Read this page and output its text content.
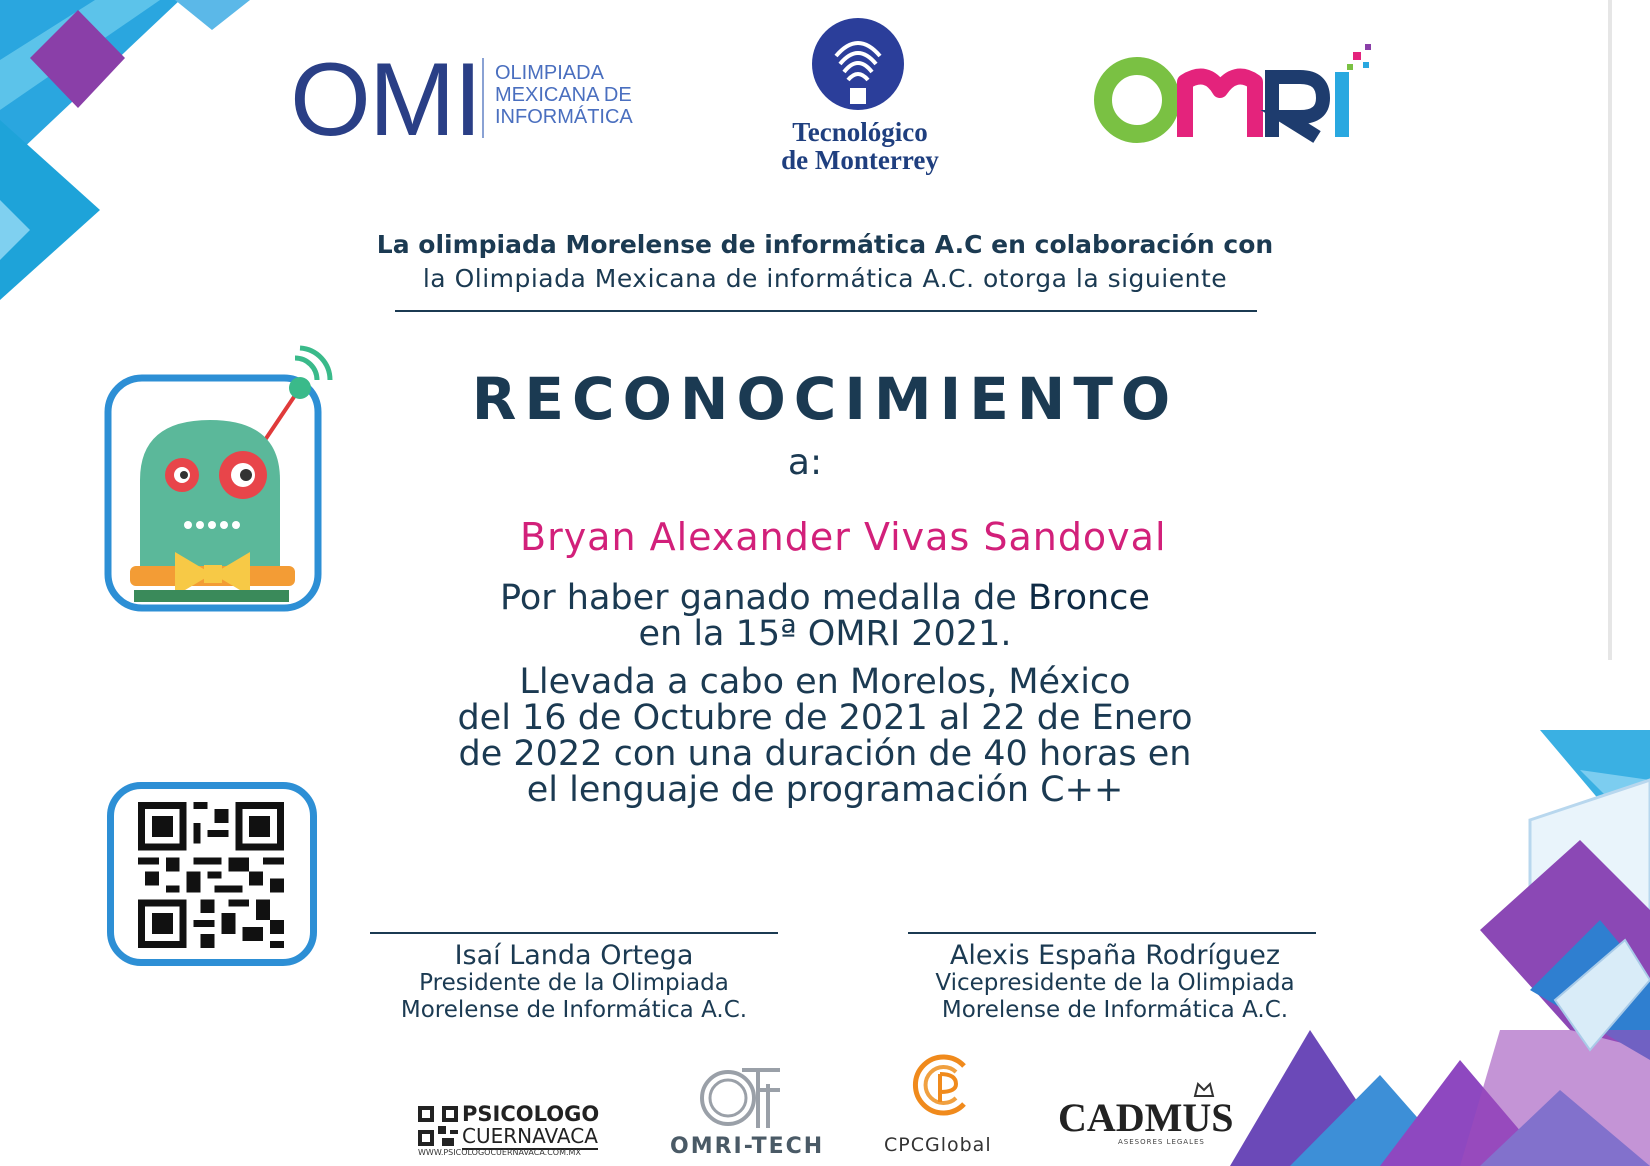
OMI OLIMPIADA
MEXICANA DE
INFORMÁTICA	Tecnológico
de Monterrey
La olimpiada Morelense de informática A.C en colaboración con
la Olimpiada Mexicana de informática A.C. otorga la siguiente
RECONOCIMIENTO
a:
Bryan Alexander Vivas Sandoval
Por haber ganado medalla de Bronce
en la 15ª OMRI 2021.
Llevada a cabo en Morelos, México
del 16 de Octubre de 2021 al 22 de Enero
de 2022 con una duración de 40 horas en
el lenguaje de programación C++
Isaí Landa Ortega
Presidente de la Olimpiada
Morelense de Informática A.C.
Alexis España Rodríguez
Vicepresidente de la Olimpiada
Morelense de Informática A.C.
PSICOLOGO
CUERNAVACA
WWW.PSICOLOGOCUERNAVACA.COM.MX	OMRI-TECH	CPCGlobal
CADMUS
ASESORES LEGALES
